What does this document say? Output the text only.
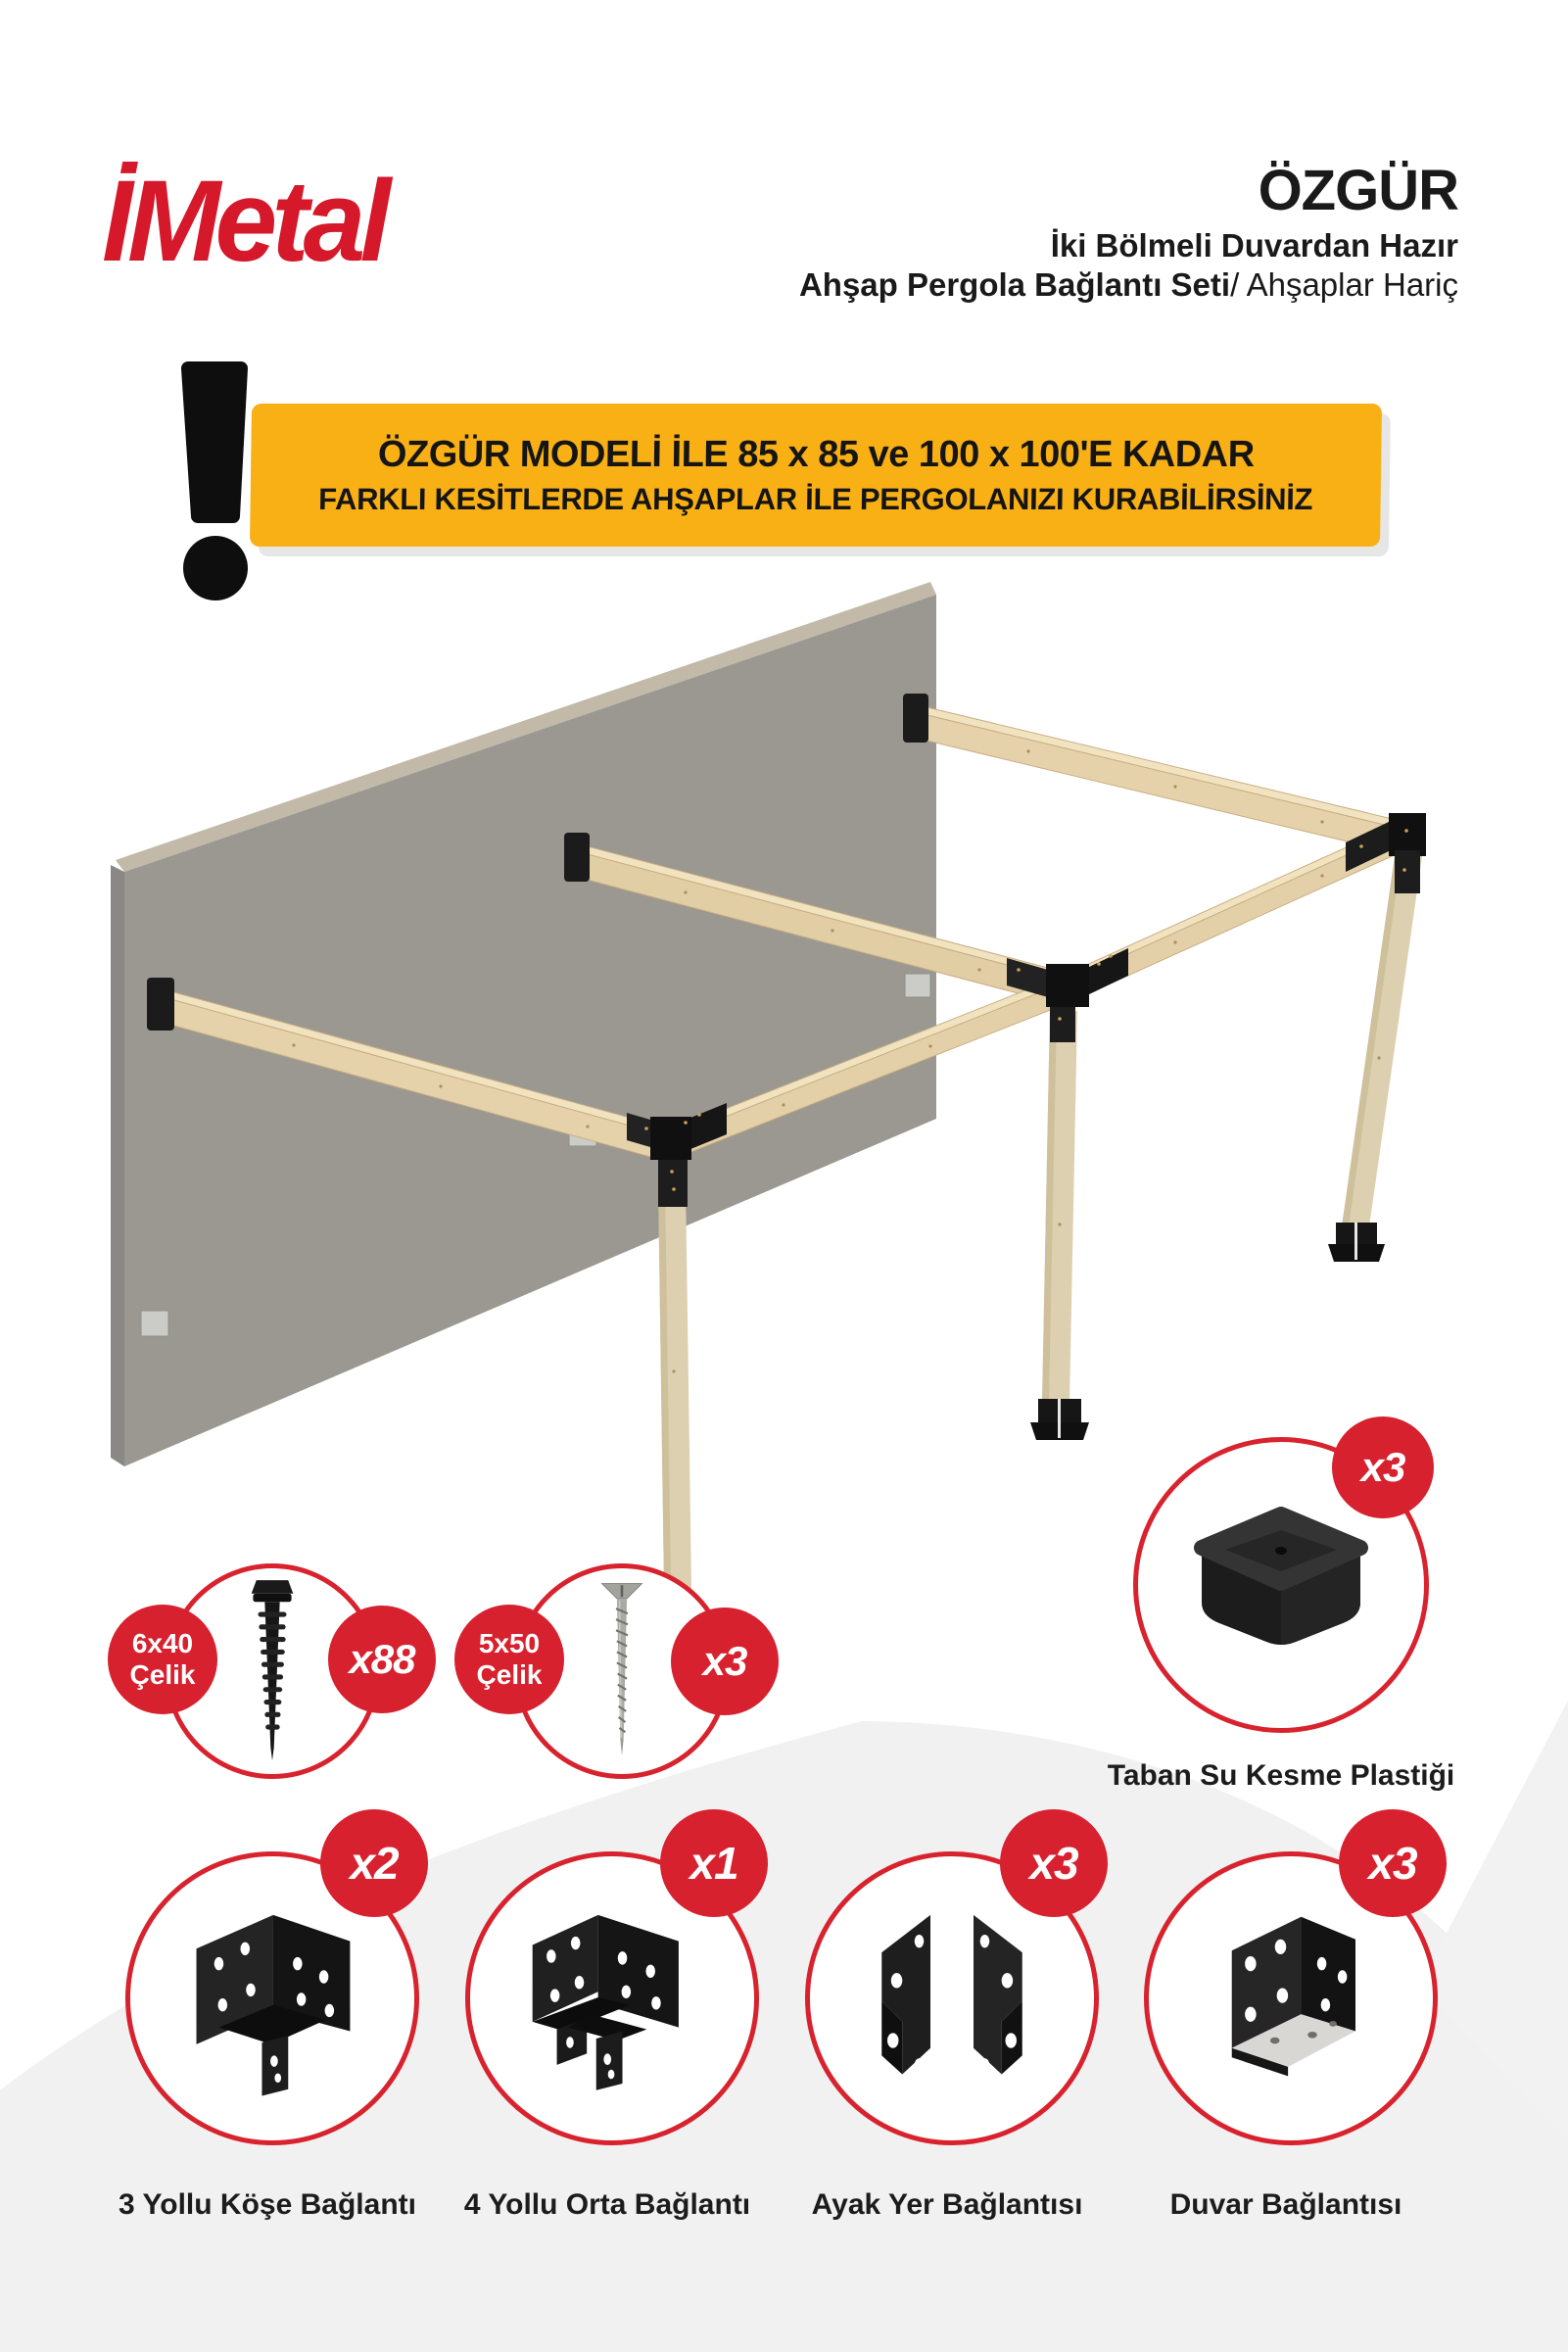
İMetal	ÖZGÜR
İki Bölmeli Duvardan Hazır
Ahşap Pergola Bağlantı Seti/ Ahşaplar Hariç
ÖZGÜR MODELİ İLE 85 x 85 ve 100 x 100'E KADAR
FARKLI KESİTLERDE AHŞAPLAR İLE PERGOLANIZI KURABİLİRSİNİZ
6x40
Çelik	x88 5x50
Çelik	x3
x3
Taban Su Kesme Plastiği
x2
3 Yollu Köşe Bağlantı
x1
4 Yollu Orta Bağlantı
x3
Ayak Yer Bağlantısı
x3
Duvar Bağlantısı
